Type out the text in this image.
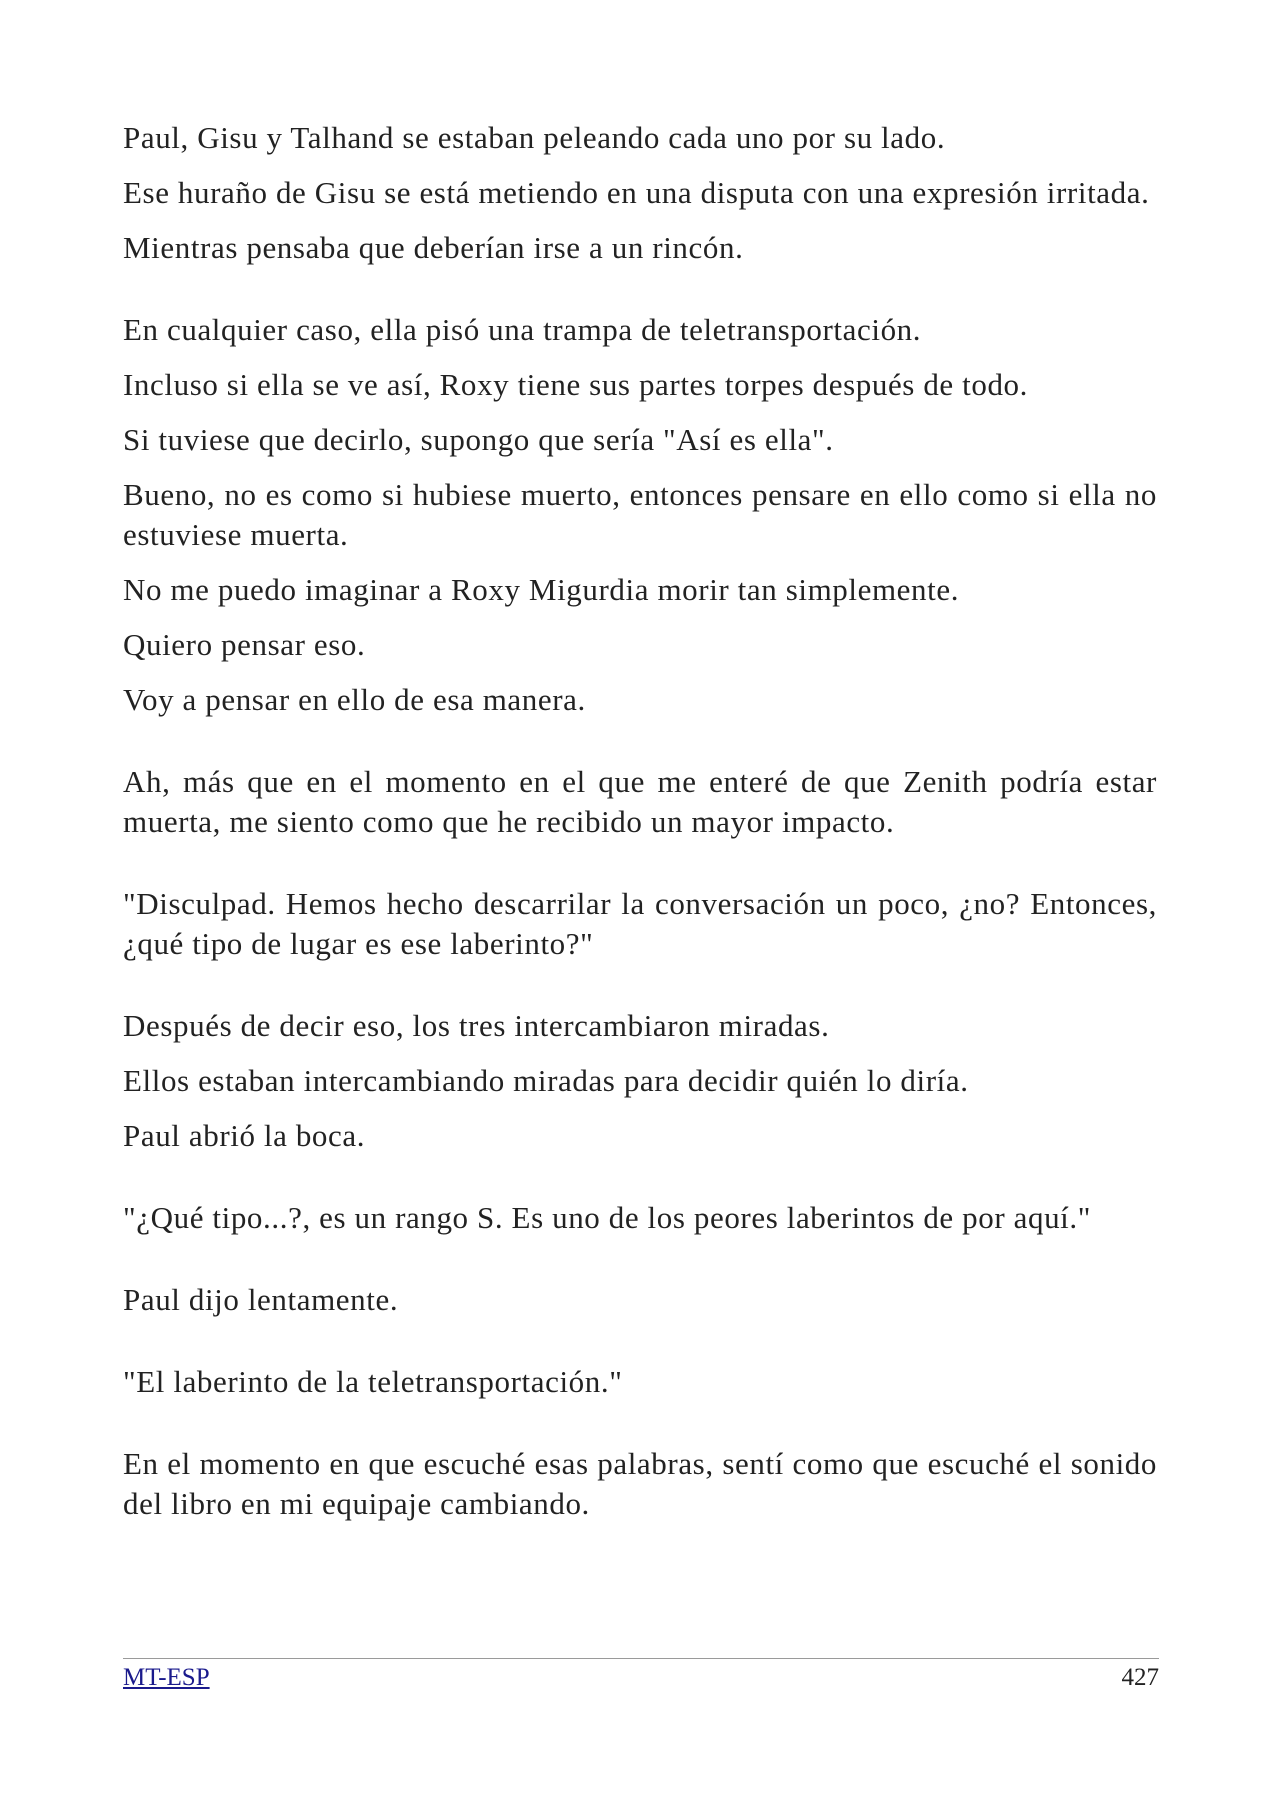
Paul, Gisu y Talhand se estaban peleando cada uno por su lado.

Ese huraño de Gisu se está metiendo en una disputa con una expresión irritada.

Mientras pensaba que deberían irse a un rincón.

En cualquier caso, ella pisó una trampa de teletransportación.

Incluso si ella se ve así, Roxy tiene sus partes torpes después de todo.

Si tuviese que decirlo, supongo que sería "Así es ella".

Bueno, no es como si hubiese muerto, entonces pensare en ello como si ella no estuviese muerta.

No me puedo imaginar a Roxy Migurdia morir tan simplemente.

Quiero pensar eso.

Voy a pensar en ello de esa manera.

Ah, más que en el momento en el que me enteré de que Zenith podría estar muerta, me siento como que he recibido un mayor impacto.

"Disculpad. Hemos hecho descarrilar la conversación un poco, ¿no? Entonces, ¿qué tipo de lugar es ese laberinto?"

Después de decir eso, los tres intercambiaron miradas.

Ellos estaban intercambiando miradas para decidir quién lo diría.

Paul abrió la boca.

"¿Qué tipo...?, es un rango S. Es uno de los peores laberintos de por aquí."

Paul dijo lentamente.

"El laberinto de la teletransportación."

En el momento en que escuché esas palabras, sentí como que escuché el sonido del libro en mi equipaje cambiando.

MT-ESP	427
